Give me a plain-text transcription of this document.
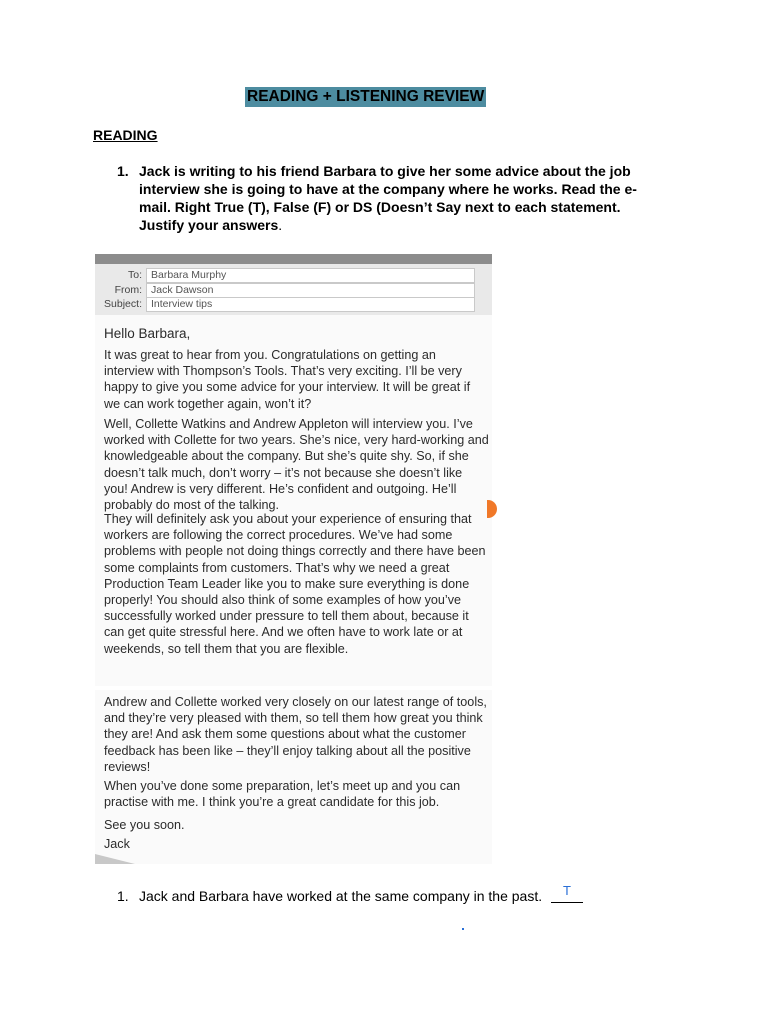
READING + LISTENING REVIEW
READING
1. Jack is writing to his friend Barbara to give her some advice about the job interview she is going to have at the company where he works. Read the e-mail. Right True (T), False (F) or DS (Doesn’t Say next to each statement. Justify your answers.
To: Barbara Murphy
From: Jack Dawson
Subject: Interview tips

Hello Barbara,

It was great to hear from you. Congratulations on getting an interview with Thompson’s Tools. That’s very exciting. I’ll be very happy to give you some advice for your interview. It will be great if we can work together again, won’t it?

Well, Collette Watkins and Andrew Appleton will interview you. I’ve worked with Collette for two years. She’s nice, very hard-working and knowledgeable about the company. But she’s quite shy. So, if she doesn’t talk much, don’t worry – it’s not because she doesn’t like you! Andrew is very different. He’s confident and outgoing. He’ll probably do most of the talking.

They will definitely ask you about your experience of ensuring that workers are following the correct procedures. We’ve had some problems with people not doing things correctly and there have been some complaints from customers. That’s why we need a great Production Team Leader like you to make sure everything is done properly! You should also think of some examples of how you’ve successfully worked under pressure to tell them about, because it can get quite stressful here. And we often have to work late or at weekends, so tell them that you are flexible.

Andrew and Collette worked very closely on our latest range of tools, and they’re very pleased with them, so tell them how great you think they are! And ask them some questions about what the customer feedback has been like – they’ll enjoy talking about all the positive reviews!

When you’ve done some preparation, let’s meet up and you can practise with me. I think you’re a great candidate for this job.

See you soon.

Jack

1. Jack and Barbara have worked at the same company in the past.	T
